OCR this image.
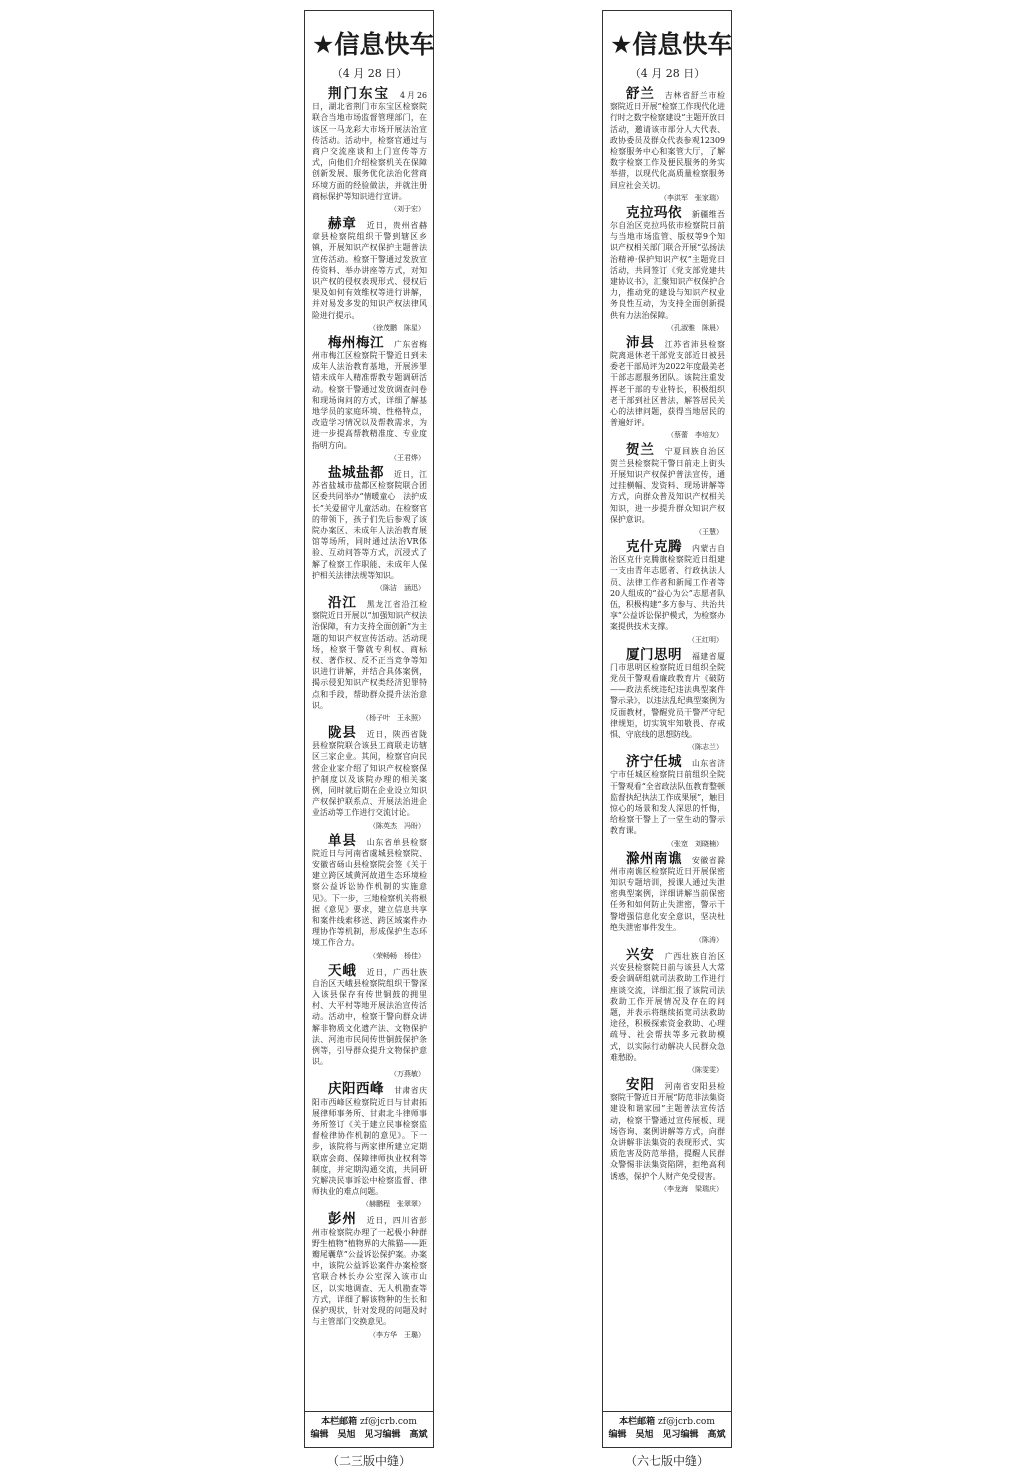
★信息快车
（4 月 28 日）

荆门东宝 4月26日，湖北省荆门市东宝区检察院联合当地市场监督管理部门，在该区一马龙彩大市场开展法治宣传活动。活动中，检察官通过与商户交流座谈和上门宣传等方式，向他们介绍检察机关在保障创新发展、服务优化法治化营商环境方面的经验做法，并就注册商标保护等知识进行宣讲。

（刘于宏）

赫章 近日，贵州省赫章县检察院组织干警到辖区乡镇，开展知识产权保护主题普法宣传活动。检察干警通过发放宣传资料、举办讲座等方式，对知识产权的侵权表现形式、侵权后果及如何有效维权等进行讲解，并对易发多发的知识产权法律风险进行提示。

（徐茂鹏　陈星）

梅州梅江 广东省梅州市梅江区检察院干警近日到未成年人法治教育基地，开展涉罪错未成年人精准帮教专题调研活动。检察干警通过发放调查问卷和现场询问的方式，详细了解基地学员的家庭环境、性格特点，改造学习情况以及帮教需求，为进一步提高帮教精准度、专业度指明方向。

（王君烨）

盐城盐都 近日，江苏省盐城市盐都区检察院联合团区委共同举办“情暖童心　法护成长”关爱留守儿童活动。在检察官的带领下，孩子们先后参观了该院办案区、未成年人法治教育展馆等场所，同时通过法治VR体验、互动问答等方式，沉浸式了解了检察工作职能、未成年人保护相关法律法规等知识。

（陈洁　涵迅）

沿江 黑龙江省沿江检察院近日开展以“加强知识产权法治保障，有力支持全面创新”为主题的知识产权宣传活动。活动现场，检察干警就专利权、商标权、著作权、反不正当竞争等知识进行讲解，并结合具体案例，揭示侵犯知识产权类经济犯罪特点和手段，帮助群众提升法治意识。

（杨子叶　王永照）

陇县 近日，陕西省陇县检察院联合该县工商联走访辖区三家企业。其间，检察官向民营企业家介绍了知识产权检察保护制度以及该院办理的相关案例，同时就后期在企业设立知识产权保护联系点、开展法治进企业活动等工作进行交流讨论。

（陈英杰　冯盼）

单县 山东省单县检察院近日与河南省虞城县检察院、安徽省砀山县检察院会签《关于建立跨区域黄河故道生态环境检察公益诉讼协作机制的实施意见》。下一步，三地检察机关将根据《意见》要求，建立信息共享和案件线索移送、跨区域案件办理协作等机制，形成保护生态环境工作合力。

（荣畅畅　杨佳）

天峨 近日，广西壮族自治区天峨县检察院组织干警深入该县保存有传世铜鼓的拥里村、大平村等地开展法治宣传活动。活动中，检察干警向群众讲解非物质文化遗产法、文物保护法、河池市民间传世铜鼓保护条例等，引导群众提升文物保护意识。

（万燕敏）

庆阳西峰 甘肃省庆阳市西峰区检察院近日与甘肃拓展律师事务所、甘肃北斗律师事务所签订《关于建立民事检察监督检律协作机制的意见》。下一步，该院将与两家律所建立定期联席会商、保障律师执业权利等制度，并定期沟通交流，共同研究解决民事诉讼中检察监督、律师执业的难点问题。

（赫鹏程　张翠翠）

彭州 近日，四川省彭州市检察院办理了一起极小种群野生植物“植物界的大熊猫——距瓣尾囊草”公益诉讼保护案。办案中，该院公益诉讼案件办案检察官联合林长办公室深入该市山区，以实地调查、无人机勘查等方式，详细了解该物种的生长和保护现状，针对发现的问题及时与主管部门交换意见。

（李方华　王璐）
本栏邮箱 zf@jcrb.com
编辑　吴旭　见习编辑　高斌
★信息快车
（4 月 28 日）

舒兰 吉林省舒兰市检察院近日开展“检察工作现代化进行时之数字检察建设”主题开放日活动，邀请该市部分人大代表、政协委员及群众代表参观12309检察服务中心和案管大厅，了解数字检察工作及便民服务的务实举措，以现代化高质量检察服务回应社会关切。

（李洪军　张家瑞）

克拉玛依 新疆维吾尔自治区克拉玛依市检察院日前与当地市场监管、版权等9个知识产权相关部门联合开展“弘扬法治精神·保护知识产权”主题党日活动，共同签订《党支部党建共建协议书》，汇聚知识产权保护合力，推动党的建设与知识产权业务良性互动，为支持全面创新提供有力法治保障。

（孔淑雅　陈晨）

沛县 江苏省沛县检察院离退休老干部党支部近日被县委老干部局评为2022年度最美老干部志愿服务团队。该院注重发挥老干部的专业特长，积极组织老干部到社区普法，解答居民关心的法律问题，获得当地居民的普遍好评。

（蔡蕾　李培友）

贺兰 宁夏回族自治区贺兰县检察院干警日前走上街头开展知识产权保护普法宣传，通过挂横幅、发资料、现场讲解等方式，向群众普及知识产权相关知识，进一步提升群众知识产权保护意识。

（王慧）

克什克腾 内蒙古自治区克什克腾旗检察院近日组建一支由青年志愿者、行政执法人员、法律工作者和新闻工作者等20人组成的“益心为公”志愿者队伍，积极构建“多方参与、共治共享”公益诉讼保护模式，为检察办案提供技术支撑。

（王红明）

厦门思明 福建省厦门市思明区检察院近日组织全院党员干警观看廉政教育片《破防——政法系统违纪违法典型案件警示录》，以违法乱纪典型案例为反面教材，警醒党员干警严守纪律规矩，切实筑牢知敬畏、存戒惧、守底线的思想防线。

（陈志兰）

济宁任城 山东省济宁市任城区检察院日前组织全院干警观看“全省政法队伍教育整顿监督执纪执法工作成果展”，触目惊心的场景和发人深思的忏悔，给检察干警上了一堂生动的警示教育课。

（张宽　刘晓楠）

滁州南谯 安徽省滁州市南谯区检察院近日开展保密知识专题培训，授课人通过失泄密典型案例，详细讲解当前保密任务和如何防止失泄密，警示干警增强信息化安全意识，坚决杜绝失泄密事件发生。

（陈涛）

兴安 广西壮族自治区兴安县检察院日前与该县人大常委会调研组就司法救助工作进行座谈交流，详细汇报了该院司法救助工作开展情况及存在的问题，并表示将继续拓宽司法救助途径，积极探索资金救助、心理疏导、社会帮扶等多元救助模式，以实际行动解决人民群众急难愁盼。

（陈雯雯）

安阳 河南省安阳县检察院干警近日开展“防范非法集资　建设和谐家园”主题普法宣传活动，检察干警通过宣传展板、现场咨询、案例讲解等方式，向群众讲解非法集资的表现形式、实质危害及防范举措，提醒人民群众警惕非法集资陷阱，拒绝高利诱惑，保护个人财产免受侵害。

（李龙海　梁瑞庆）
本栏邮箱 zf@jcrb.com
编辑　吴旭　见习编辑　高斌
（二三版中缝）	（六七版中缝）
